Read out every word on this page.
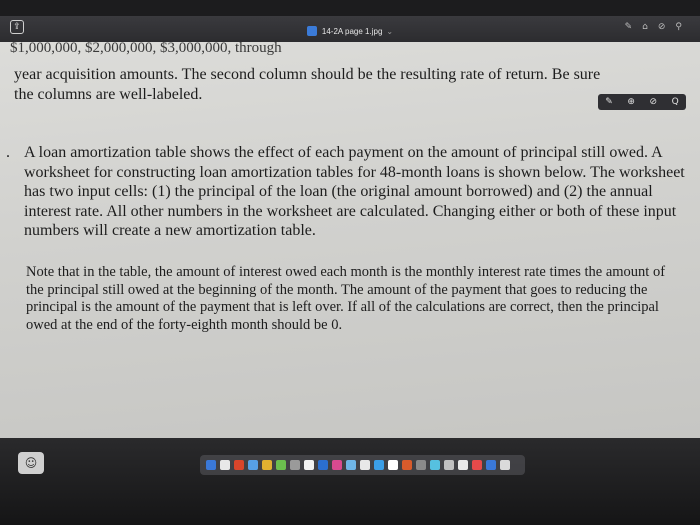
⇪	14-2A page 1.jpg ⌄	✎ ⌂ ⊘ ⚲
$1,000,000, $2,000,000, $3,000,000, through
year acquisition amounts. The second column should be the resulting rate of return. Be sure
the columns are well-labeled.
. A loan amortization table shows the effect of each payment on the amount of principal still owed. A worksheet for constructing loan amortization tables for 48-month loans is shown below. The worksheet has two input cells: (1) the principal of the loan (the original amount borrowed) and (2) the annual interest rate. All other numbers in the worksheet are calculated. Changing either or both of these input numbers will create a new amortization table.
Note that in the table, the amount of interest owed each month is the monthly interest rate times the amount of the principal still owed at the beginning of the month. The amount of the payment that goes to reducing the principal is the amount of the payment that is left over. If all of the calculations are correct, then the principal owed at the end of the forty-eighth month should be 0.
✎ ⊕ ⊘ Q
☺
